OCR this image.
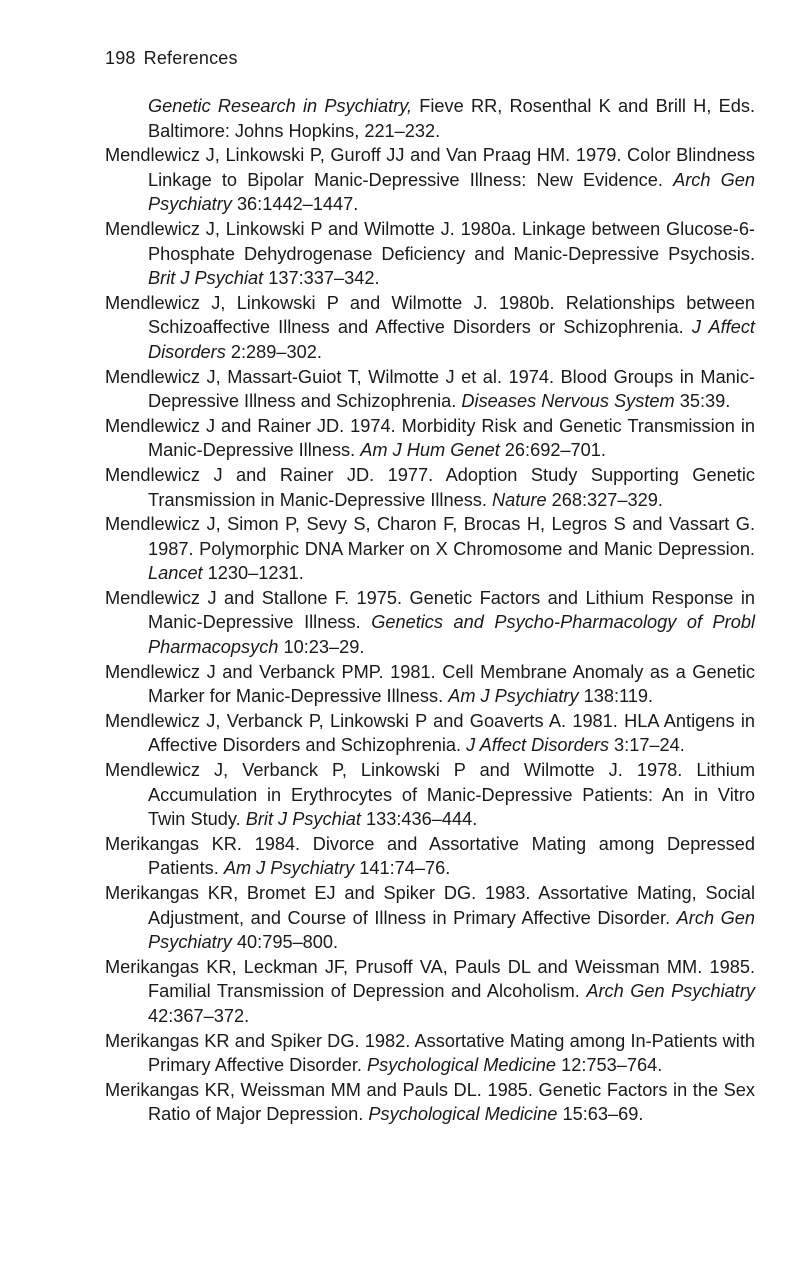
198 References

Genetic Research in Psychiatry, Fieve RR, Rosenthal K and Brill H, Eds. Baltimore: Johns Hopkins, 221–232.

Mendlewicz J, Linkowski P, Guroff JJ and Van Praag HM. 1979. Color Blindness Linkage to Bipolar Manic-Depressive Illness: New Evidence. Arch Gen Psychiatry 36:1442–1447.

Mendlewicz J, Linkowski P and Wilmotte J. 1980a. Linkage between Glucose-6-Phosphate Dehydrogenase Deficiency and Manic-Depressive Psychosis. Brit J Psychiat 137:337–342.

Mendlewicz J, Linkowski P and Wilmotte J. 1980b. Relationships between Schizoaffective Illness and Affective Disorders or Schizophrenia. J Affect Disorders 2:289–302.

Mendlewicz J, Massart-Guiot T, Wilmotte J et al. 1974. Blood Groups in Manic-Depressive Illness and Schizophrenia. Diseases Nervous System 35:39.

Mendlewicz J and Rainer JD. 1974. Morbidity Risk and Genetic Transmission in Manic-Depressive Illness. Am J Hum Genet 26:692–701.

Mendlewicz J and Rainer JD. 1977. Adoption Study Supporting Genetic Transmission in Manic-Depressive Illness. Nature 268:327–329.

Mendlewicz J, Simon P, Sevy S, Charon F, Brocas H, Legros S and Vassart G. 1987. Polymorphic DNA Marker on X Chromosome and Manic Depression. Lancet 1230–1231.

Mendlewicz J and Stallone F. 1975. Genetic Factors and Lithium Response in Manic-Depressive Illness. Genetics and Psycho-Pharmacology of Probl Pharmacopsych 10:23–29.

Mendlewicz J and Verbanck PMP. 1981. Cell Membrane Anomaly as a Genetic Marker for Manic-Depressive Illness. Am J Psychiatry 138:119.

Mendlewicz J, Verbanck P, Linkowski P and Goaverts A. 1981. HLA Antigens in Affective Disorders and Schizophrenia. J Affect Disorders 3:17–24.

Mendlewicz J, Verbanck P, Linkowski P and Wilmotte J. 1978. Lithium Accumulation in Erythrocytes of Manic-Depressive Patients: An in Vitro Twin Study. Brit J Psychiat 133:436–444.

Merikangas KR. 1984. Divorce and Assortative Mating among Depressed Patients. Am J Psychiatry 141:74–76.

Merikangas KR, Bromet EJ and Spiker DG. 1983. Assortative Mating, Social Adjustment, and Course of Illness in Primary Affective Disorder. Arch Gen Psychiatry 40:795–800.

Merikangas KR, Leckman JF, Prusoff VA, Pauls DL and Weissman MM. 1985. Familial Transmission of Depression and Alcoholism. Arch Gen Psychiatry 42:367–372.

Merikangas KR and Spiker DG. 1982. Assortative Mating among In-Patients with Primary Affective Disorder. Psychological Medicine 12:753–764.

Merikangas KR, Weissman MM and Pauls DL. 1985. Genetic Factors in the Sex Ratio of Major Depression. Psychological Medicine 15:63–69.
